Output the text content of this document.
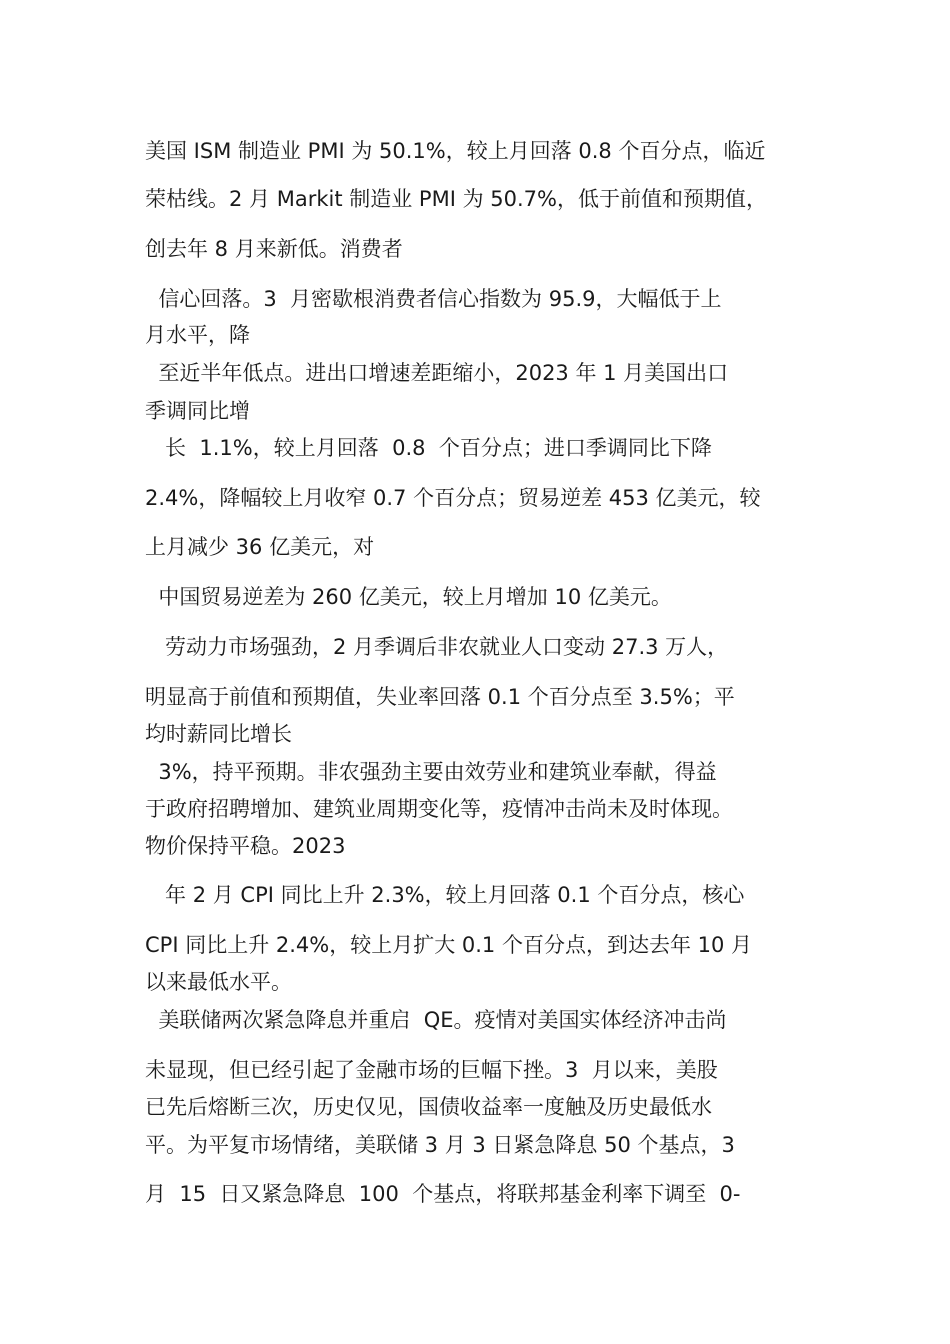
美国 ISM 制造业 PMI 为 50.1%，较上月回落 0.8 个百分点，临近
荣枯线。2 月 Markit 制造业 PMI 为 50.7%，低于前值和预期值，
创去年 8 月来新低。消费者
信心回落。3  月密歇根消费者信心指数为 95.9，大幅低于上
月水平，降
至近半年低点。进出口增速差距缩小，2023 年 1 月美国出口
季调同比增
长  1.1%，较上月回落  0.8  个百分点；进口季调同比下降
2.4%，降幅较上月收窄 0.7 个百分点；贸易逆差 453 亿美元，较
上月减少 36 亿美元，对
中国贸易逆差为 260 亿美元，较上月增加 10 亿美元。
劳动力市场强劲，2 月季调后非农就业人口变动 27.3 万人，
明显高于前值和预期值，失业率回落 0.1 个百分点至 3.5%；平
均时薪同比增长
3%，持平预期。非农强劲主要由效劳业和建筑业奉献，得益
于政府招聘增加、建筑业周期变化等，疫情冲击尚未及时体现。
物价保持平稳。2023
年 2 月 CPI 同比上升 2.3%，较上月回落 0.1 个百分点，核心
CPI 同比上升 2.4%，较上月扩大 0.1 个百分点，到达去年 10 月
以来最低水平。
美联储两次紧急降息并重启  QE。疫情对美国实体经济冲击尚
未显现，但已经引起了金融市场的巨幅下挫。3  月以来，美股
已先后熔断三次，历史仅见，国债收益率一度触及历史最低水
平。为平复市场情绪，美联储 3 月 3 日紧急降息 50 个基点，3
月  15  日又紧急降息  100  个基点，将联邦基金利率下调至  0-
